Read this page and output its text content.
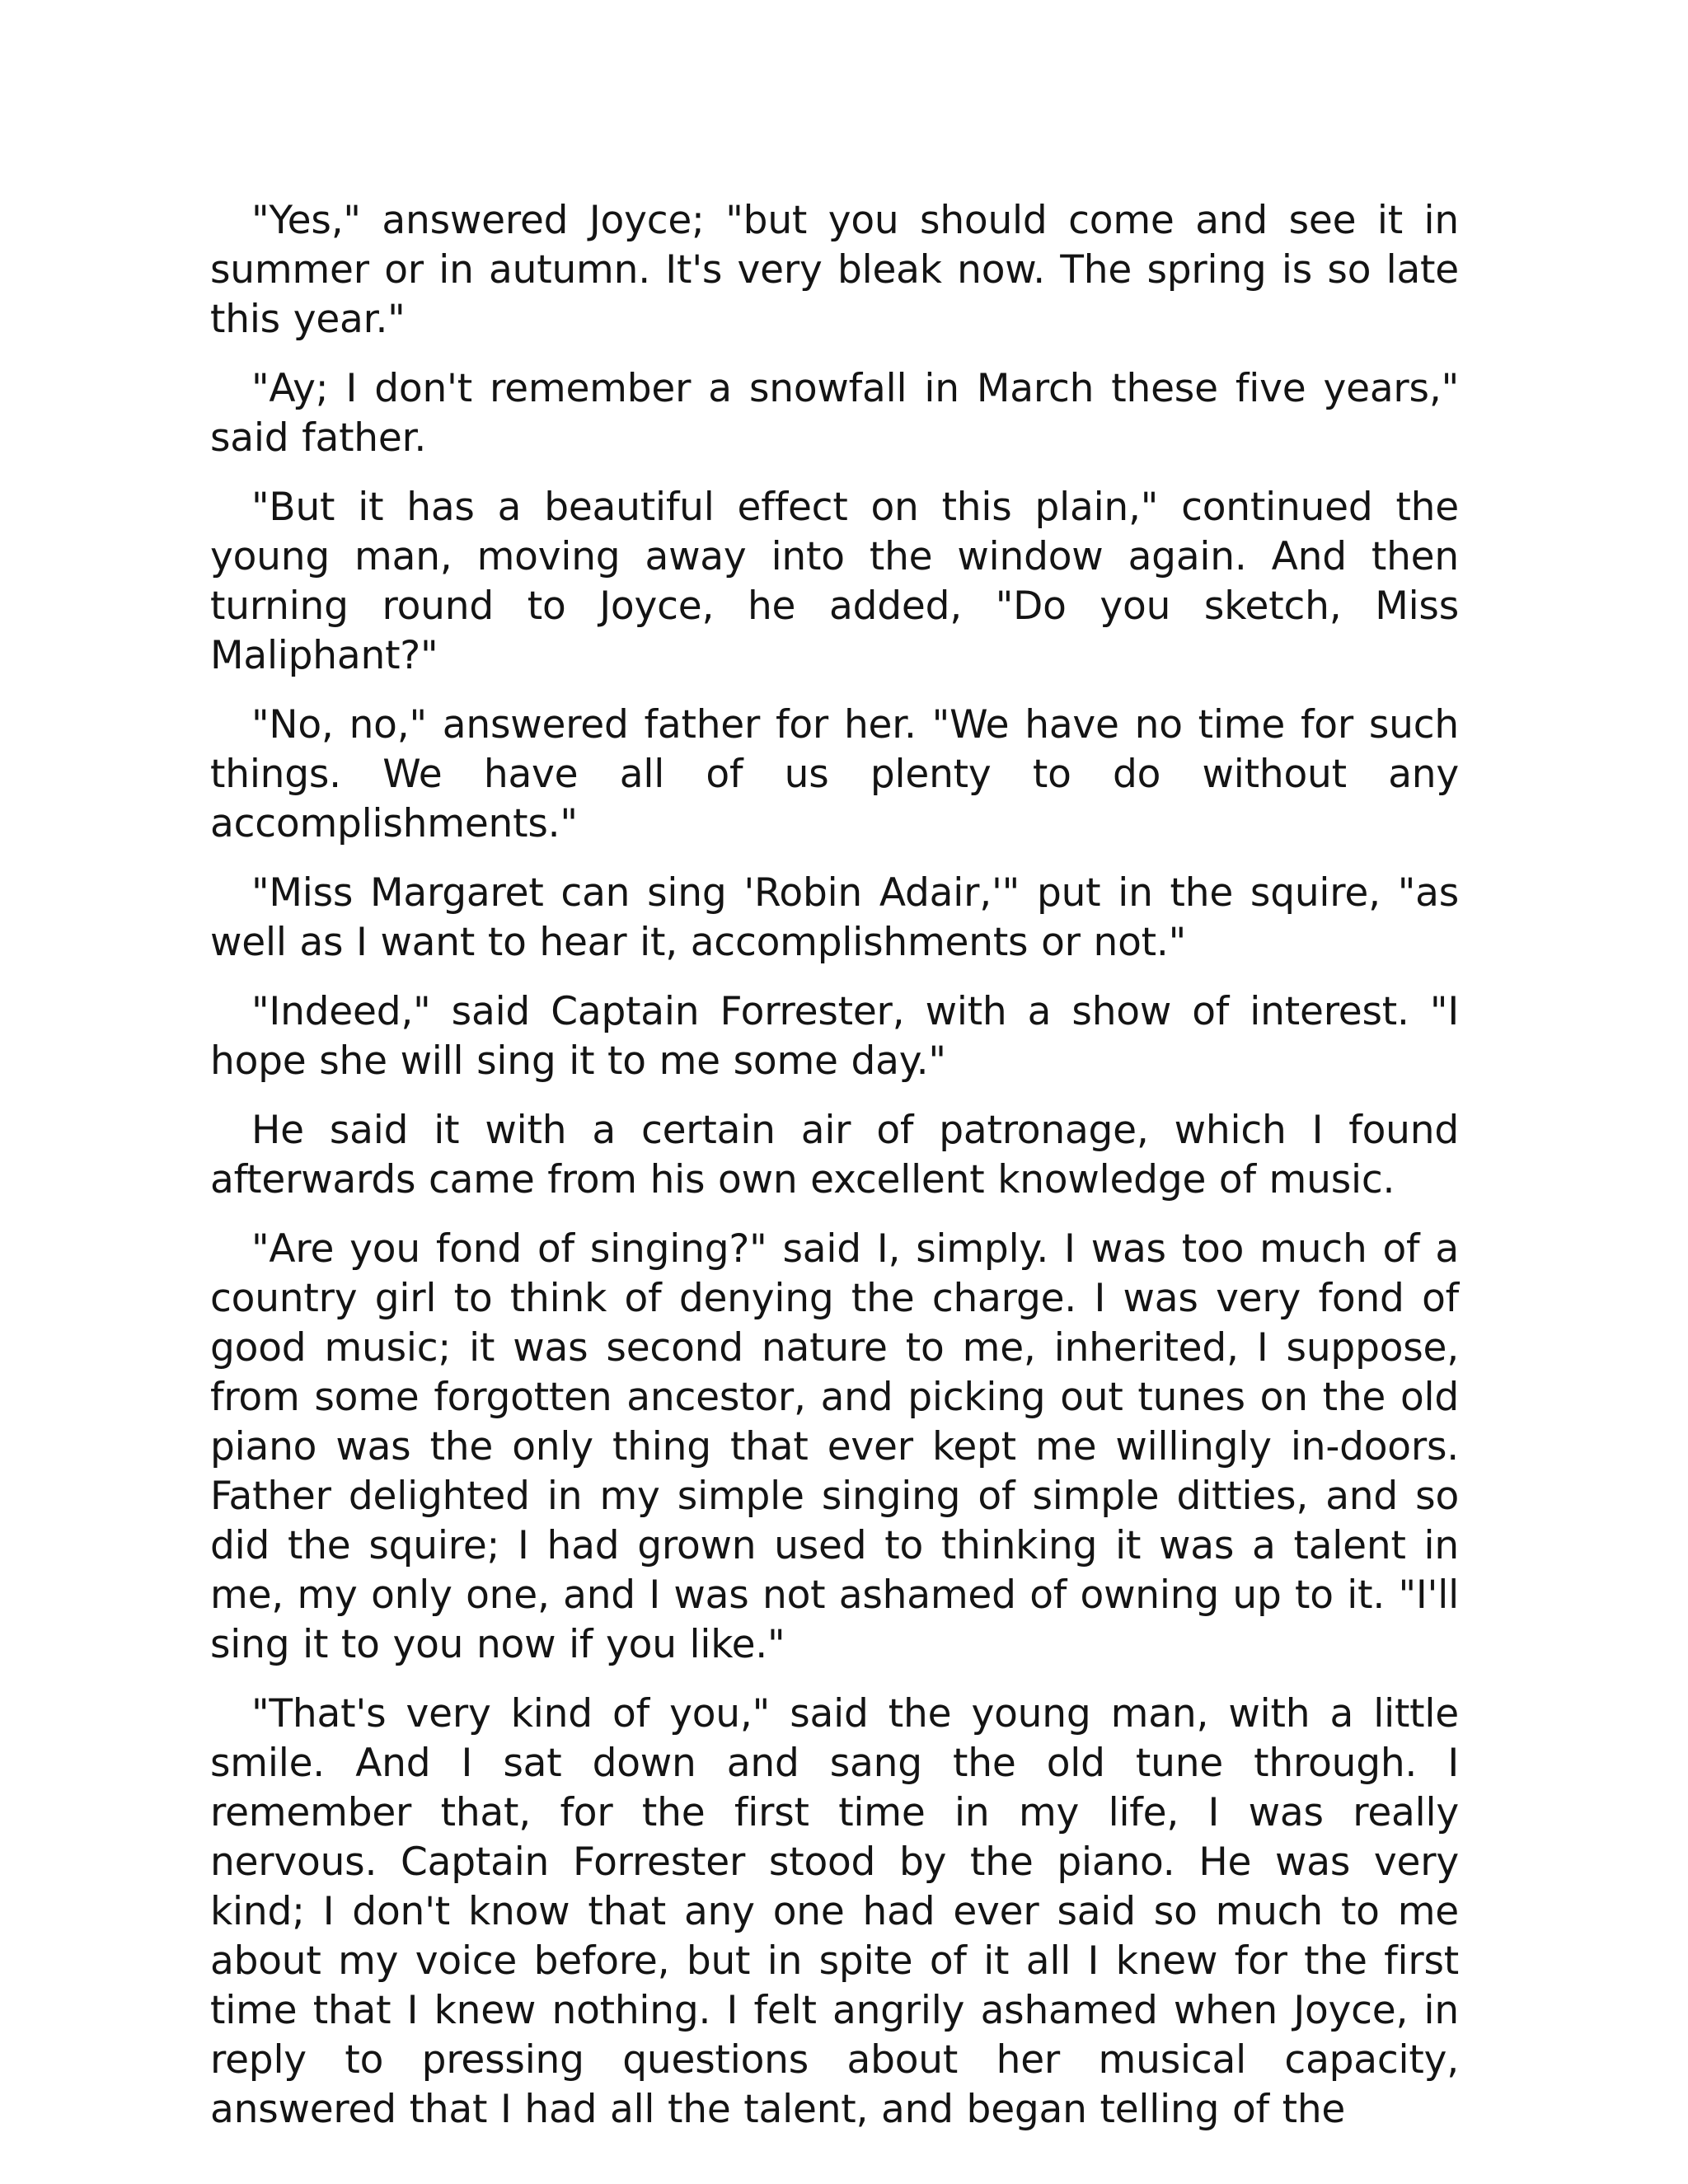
"Yes," answered Joyce; "but you should come and see it in summer or in autumn. It's very bleak now. The spring is so late this year."

"Ay; I don't remember a snowfall in March these five years," said father.

"But it has a beautiful effect on this plain," continued the young man, moving away into the window again. And then turning round to Joyce, he added, "Do you sketch, Miss Maliphant?"

"No, no," answered father for her. "We have no time for such things. We have all of us plenty to do without any accomplishments."

"Miss Margaret can sing 'Robin Adair,'" put in the squire, "as well as I want to hear it, accomplishments or not."

"Indeed," said Captain Forrester, with a show of interest. "I hope she will sing it to me some day."

He said it with a certain air of patronage, which I found afterwards came from his own excellent knowledge of music.

"Are you fond of singing?" said I, simply. I was too much of a country girl to think of denying the charge. I was very fond of good music; it was second nature to me, inherited, I suppose, from some forgotten ancestor, and picking out tunes on the old piano was the only thing that ever kept me willingly in-doors. Father delighted in my simple singing of simple ditties, and so did the squire; I had grown used to thinking it was a talent in me, my only one, and I was not ashamed of owning up to it. "I'll sing it to you now if you like."

"That's very kind of you," said the young man, with a little smile. And I sat down and sang the old tune through. I remember that, for the first time in my life, I was really nervous. Captain Forrester stood by the piano. He was very kind; I don't know that any one had ever said so much to me about my voice before, but in spite of it all I knew for the first time that I knew nothing. I felt angrily ashamed when Joyce, in reply to pressing questions about her musical capacity, answered that I had all the talent, and began telling of the
